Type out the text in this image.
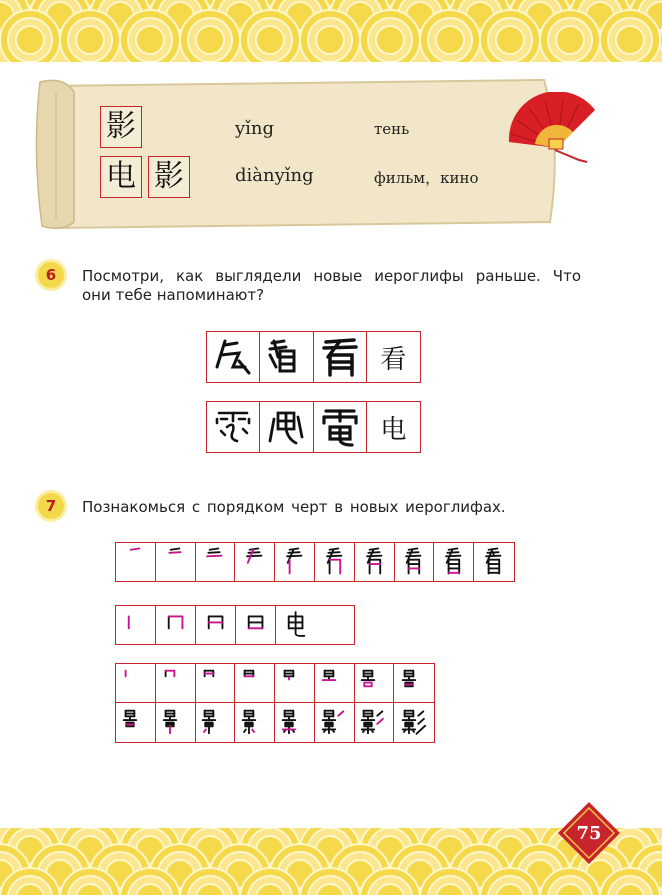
影
电 影
yǐng
diànyǐng
тень
фильм，кино
6	Посмотри, как выглядели новые иероглифы раньше. Что
они тебе напоминают?
看
电
7	Познакомься с порядком черт в новых иероглифах.
75
